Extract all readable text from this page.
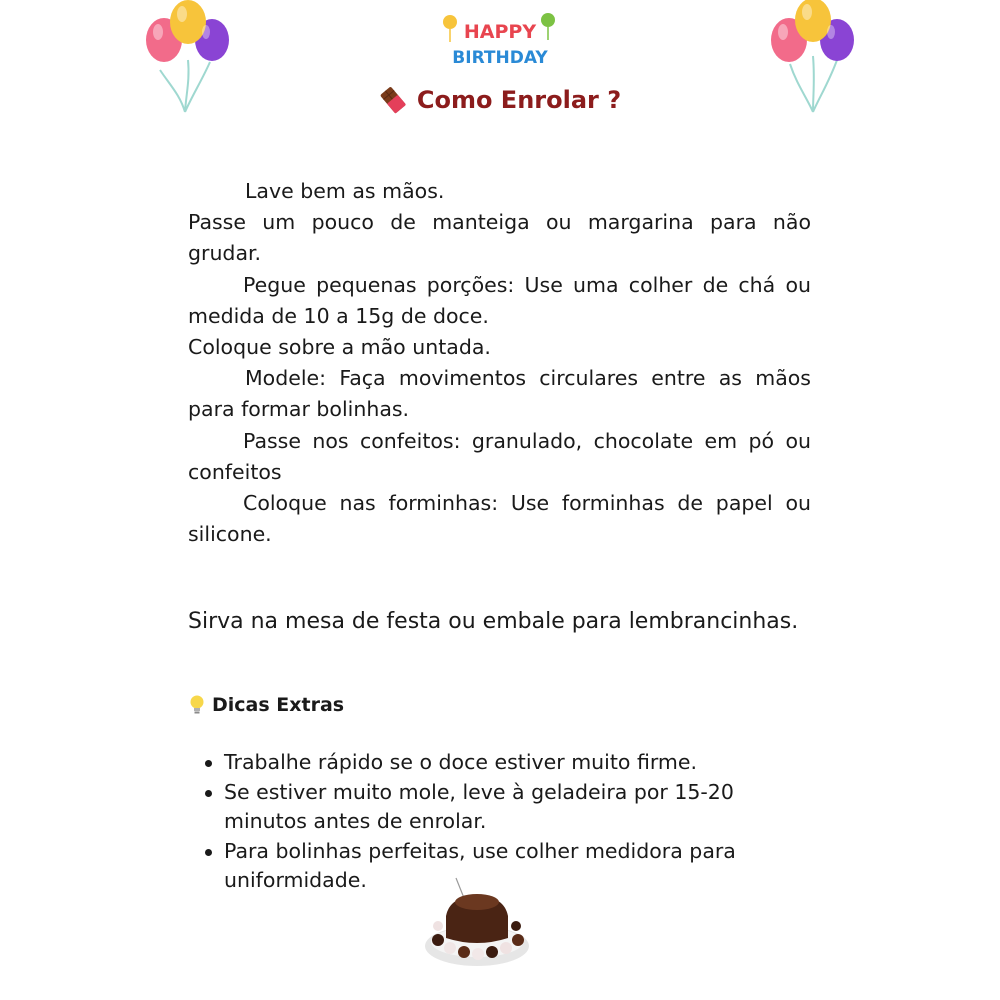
HAPPY
BIRTHDAY
Como Enrolar ?

Lave bem as mãos.

Passe um pouco de manteiga ou margarina para não grudar.

Pegue pequenas porções: Use uma colher de chá ou medida de 10 a 15g de doce.

Coloque sobre a mão untada.

Modele: Faça movimentos circulares entre as mãos para formar bolinhas.

Passe nos confeitos: granulado, chocolate em pó ou confeitos

Coloque nas forminhas: Use forminhas de papel ou silicone.

Sirva na mesa de festa ou embale para lembrancinhas.
Dicas Extras
Trabalhe rápido se o doce estiver muito firme.
Se estiver muito mole, leve à geladeira por 15-20 minutos antes de enrolar.
Para bolinhas perfeitas, use colher medidora para uniformidade.
